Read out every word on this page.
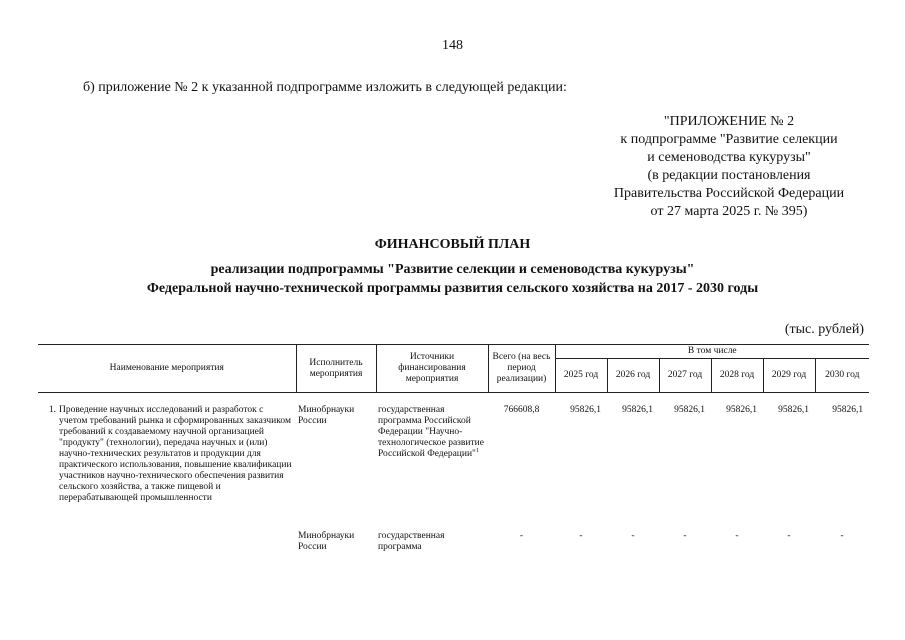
148
б) приложение № 2 к указанной подпрограмме изложить в следующей редакции:
"ПРИЛОЖЕНИЕ № 2
к подпрограмме "Развитие селекции
и семеноводства кукурузы"
(в редакции постановления
Правительства Российской Федерации
от 27 марта 2025 г. № 395)
ФИНАНСОВЫЙ ПЛАН
реализации подпрограммы "Развитие селекции и семеноводства кукурузы"
Федеральной научно-технической программы развития сельского хозяйства на 2017 - 2030 годы
(тыс. рублей)
Наименование мероприятия	Исполнитель мероприятия	Источники финансирования мероприятия	Всего (на весь период реализации)	В том числе					
				2025 год	2026 год	2027 год	2028 год	2029 год	2030 год

1. Проведение научных исследований и разработок с учетом требований рынка и сформированных заказчиком требований к создаваемому научной организацией "продукту" (технологии), передача научных и (или) научно-технических результатов и продукции для практического использования, повышение квалификации участников научно-технического обеспечения развития сельского хозяйства, а также пищевой и перерабатывающей промышленности	Минобрнауки России	государственная программа Российской Федерации "Научно-технологическое развитие Российской Федерации"$^1$	766608,8	95826,1	95826,1	95826,1	95826,1	95826,1	95826,1

	Минобрнауки России	государственная программа	-	-	-	-	-	-	-
